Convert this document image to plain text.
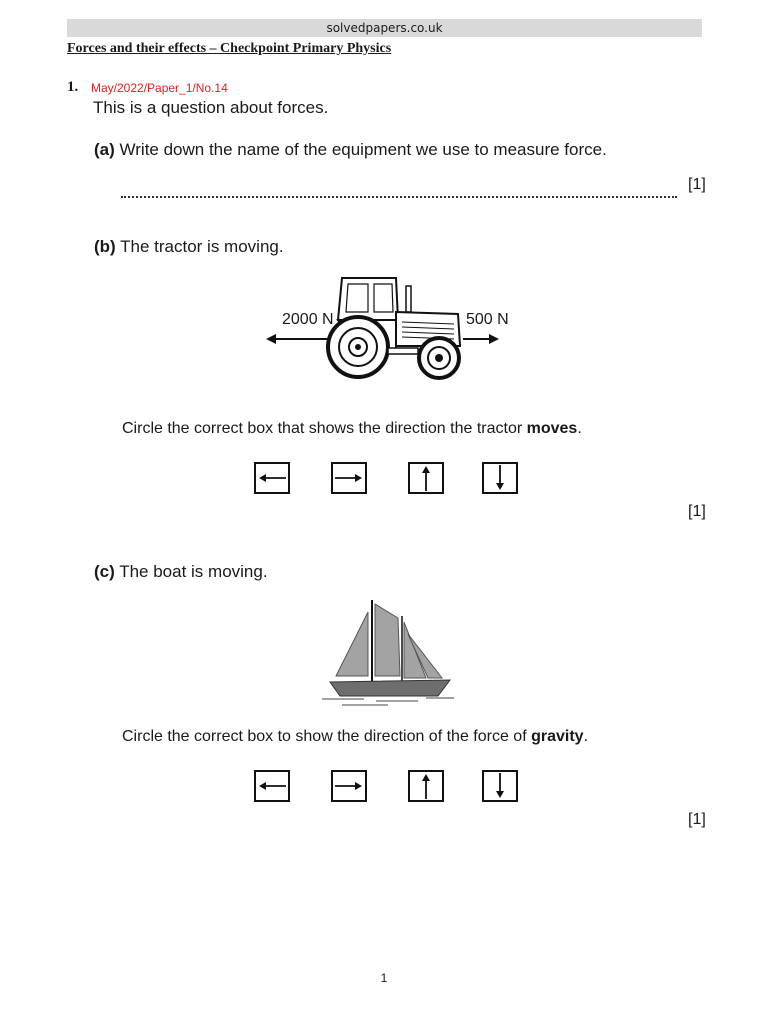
solvedpapers.co.uk
Forces and their effects – Checkpoint Primary Physics
1. May/2022/Paper_1/No.14
This is a question about forces.
(a) Write down the name of the equipment we use to measure force.
[1]
(b) The tractor is moving.
2000 N	500 N
Circle the correct box that shows the direction the tractor moves.
[1]
(c) The boat is moving.
Circle the correct box to show the direction of the force of gravity.
[1]
1
